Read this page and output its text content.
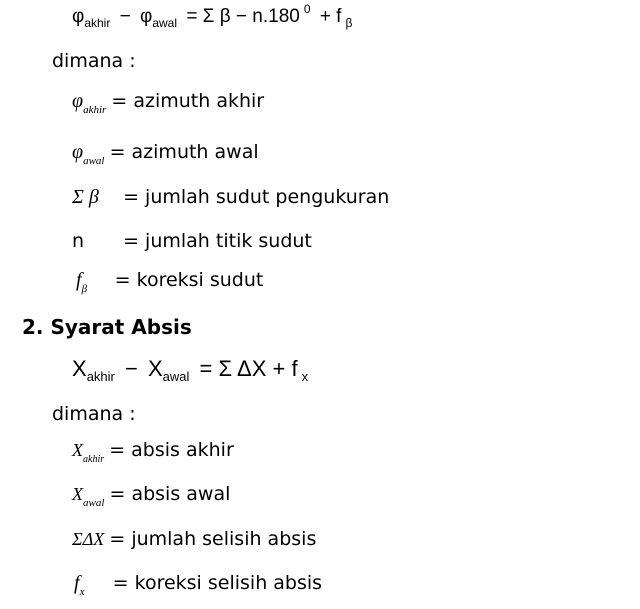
$\varphi_{akhir} - \varphi_{awal} = \Sigma$ β − n.180 $^0$ + f $_\beta$
dimana :
$\varphi_{akhir}$ = azimuth akhir
$\varphi_{awal}$ = azimuth awal
Σ β = jumlah sudut pengukuran
n = jumlah titik sudut
fβ = koreksi sudut
2. Syarat Absis
$X_{akhir} - X_{awal} = \Sigma$ ΔX + f $_x$
dimana :
$X_{akhir}$ = absis akhir
$X_{awal}$ = absis awal
ΣΔX = jumlah selisih absis
fx = koreksi selisih absis
